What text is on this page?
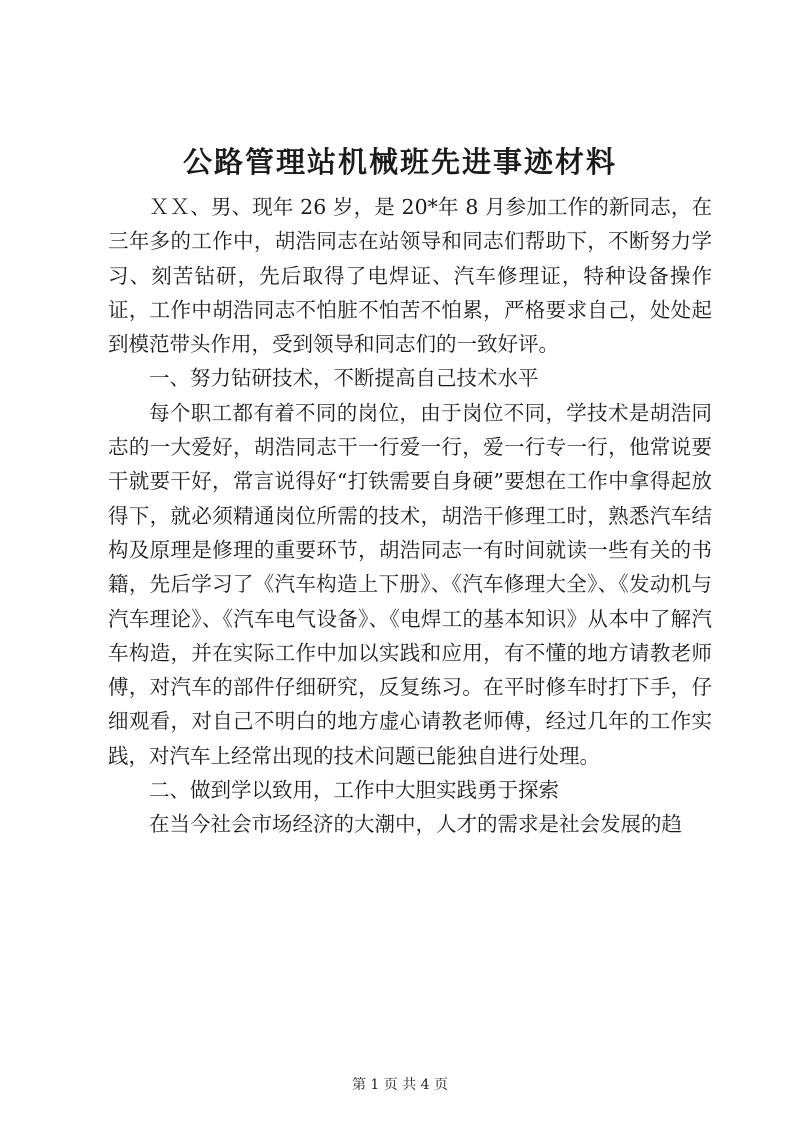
公路管理站机械班先进事迹材料

ＸＸ、男、现年 26 岁，是 20*年 8 月参加工作的新同志，在三年多的工作中，胡浩同志在站领导和同志们帮助下，不断努力学习、刻苦钻研，先后取得了电焊证、汽车修理证，特种设备操作证，工作中胡浩同志不怕脏不怕苦不怕累，严格要求自己，处处起到模范带头作用，受到领导和同志们的一致好评。

一、努力钻研技术，不断提高自己技术水平

每个职工都有着不同的岗位，由于岗位不同，学技术是胡浩同志的一大爱好，胡浩同志干一行爱一行，爱一行专一行，他常说要干就要干好，常言说得好“打铁需要自身硬”要想在工作中拿得起放得下，就必须精通岗位所需的技术，胡浩干修理工时，熟悉汽车结构及原理是修理的重要环节，胡浩同志一有时间就读一些有关的书籍，先后学习了《汽车构造上下册》、《汽车修理大全》、《发动机与汽车理论》、《汽车电气设备》、《电焊工的基本知识》从本中了解汽车构造，并在实际工作中加以实践和应用，有不懂的地方请教老师傅，对汽车的部件仔细研究，反复练习。在平时修车时打下手，仔细观看，对自己不明白的地方虚心请教老师傅，经过几年的工作实践，对汽车上经常出现的技术问题已能独自进行处理。

二、做到学以致用，工作中大胆实践勇于探索

在当今社会市场经济的大潮中，人才的需求是社会发展的趋

第 1 页 共 4 页
